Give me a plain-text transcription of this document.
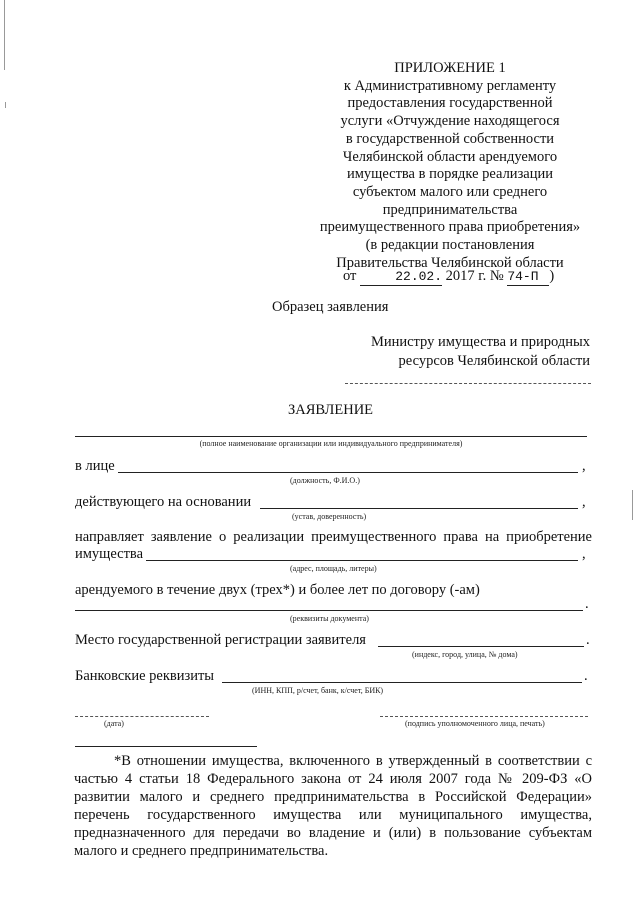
ПРИЛОЖЕНИЕ 1
к Административному регламенту
предоставления государственной
услуги «Отчуждение находящегося
в государственной собственности
Челябинской области арендуемого
имущества в порядке реализации
субъектом малого или среднего
предпринимательства
преимущественного права приобретения»
(в редакции постановления
Правительства Челябинской области
от	22.02. 2017 г. № 74-П )
Образец заявления
Министру имущества и природных
ресурсов Челябинской области
ЗАЯВЛЕНИЕ
(полное наименование организации или индивидуального предпринимателя)
в лице	,
(должность, Ф.И.О.)
действующего на основании	,
(устав, доверенность)
направляет заявление о реализации преимущественного права на приобретение
имущества	,
(адрес, площадь, литеры)
арендуемого в течение двух (трех*) и более лет по договору (-ам)
.
(реквизиты документа)
Место государственной регистрации заявителя	.
(индекс, город, улица, № дома)
Банковские реквизиты	.
(ИНН, КПП, р/счет, банк, к/счет, БИК)
(дата)	(подпись уполномоченного лица, печать)

*В отношении имущества, включенного в утвержденный в соответствии с частью 4 статьи 18 Федерального закона от 24 июля 2007 года № 209-ФЗ «О развитии малого и среднего предпринимательства в Российской Федерации» перечень государственного имущества или муниципального имущества, предназначенного для передачи во владение и (или) в пользование субъектам малого и среднего предпринимательства.
